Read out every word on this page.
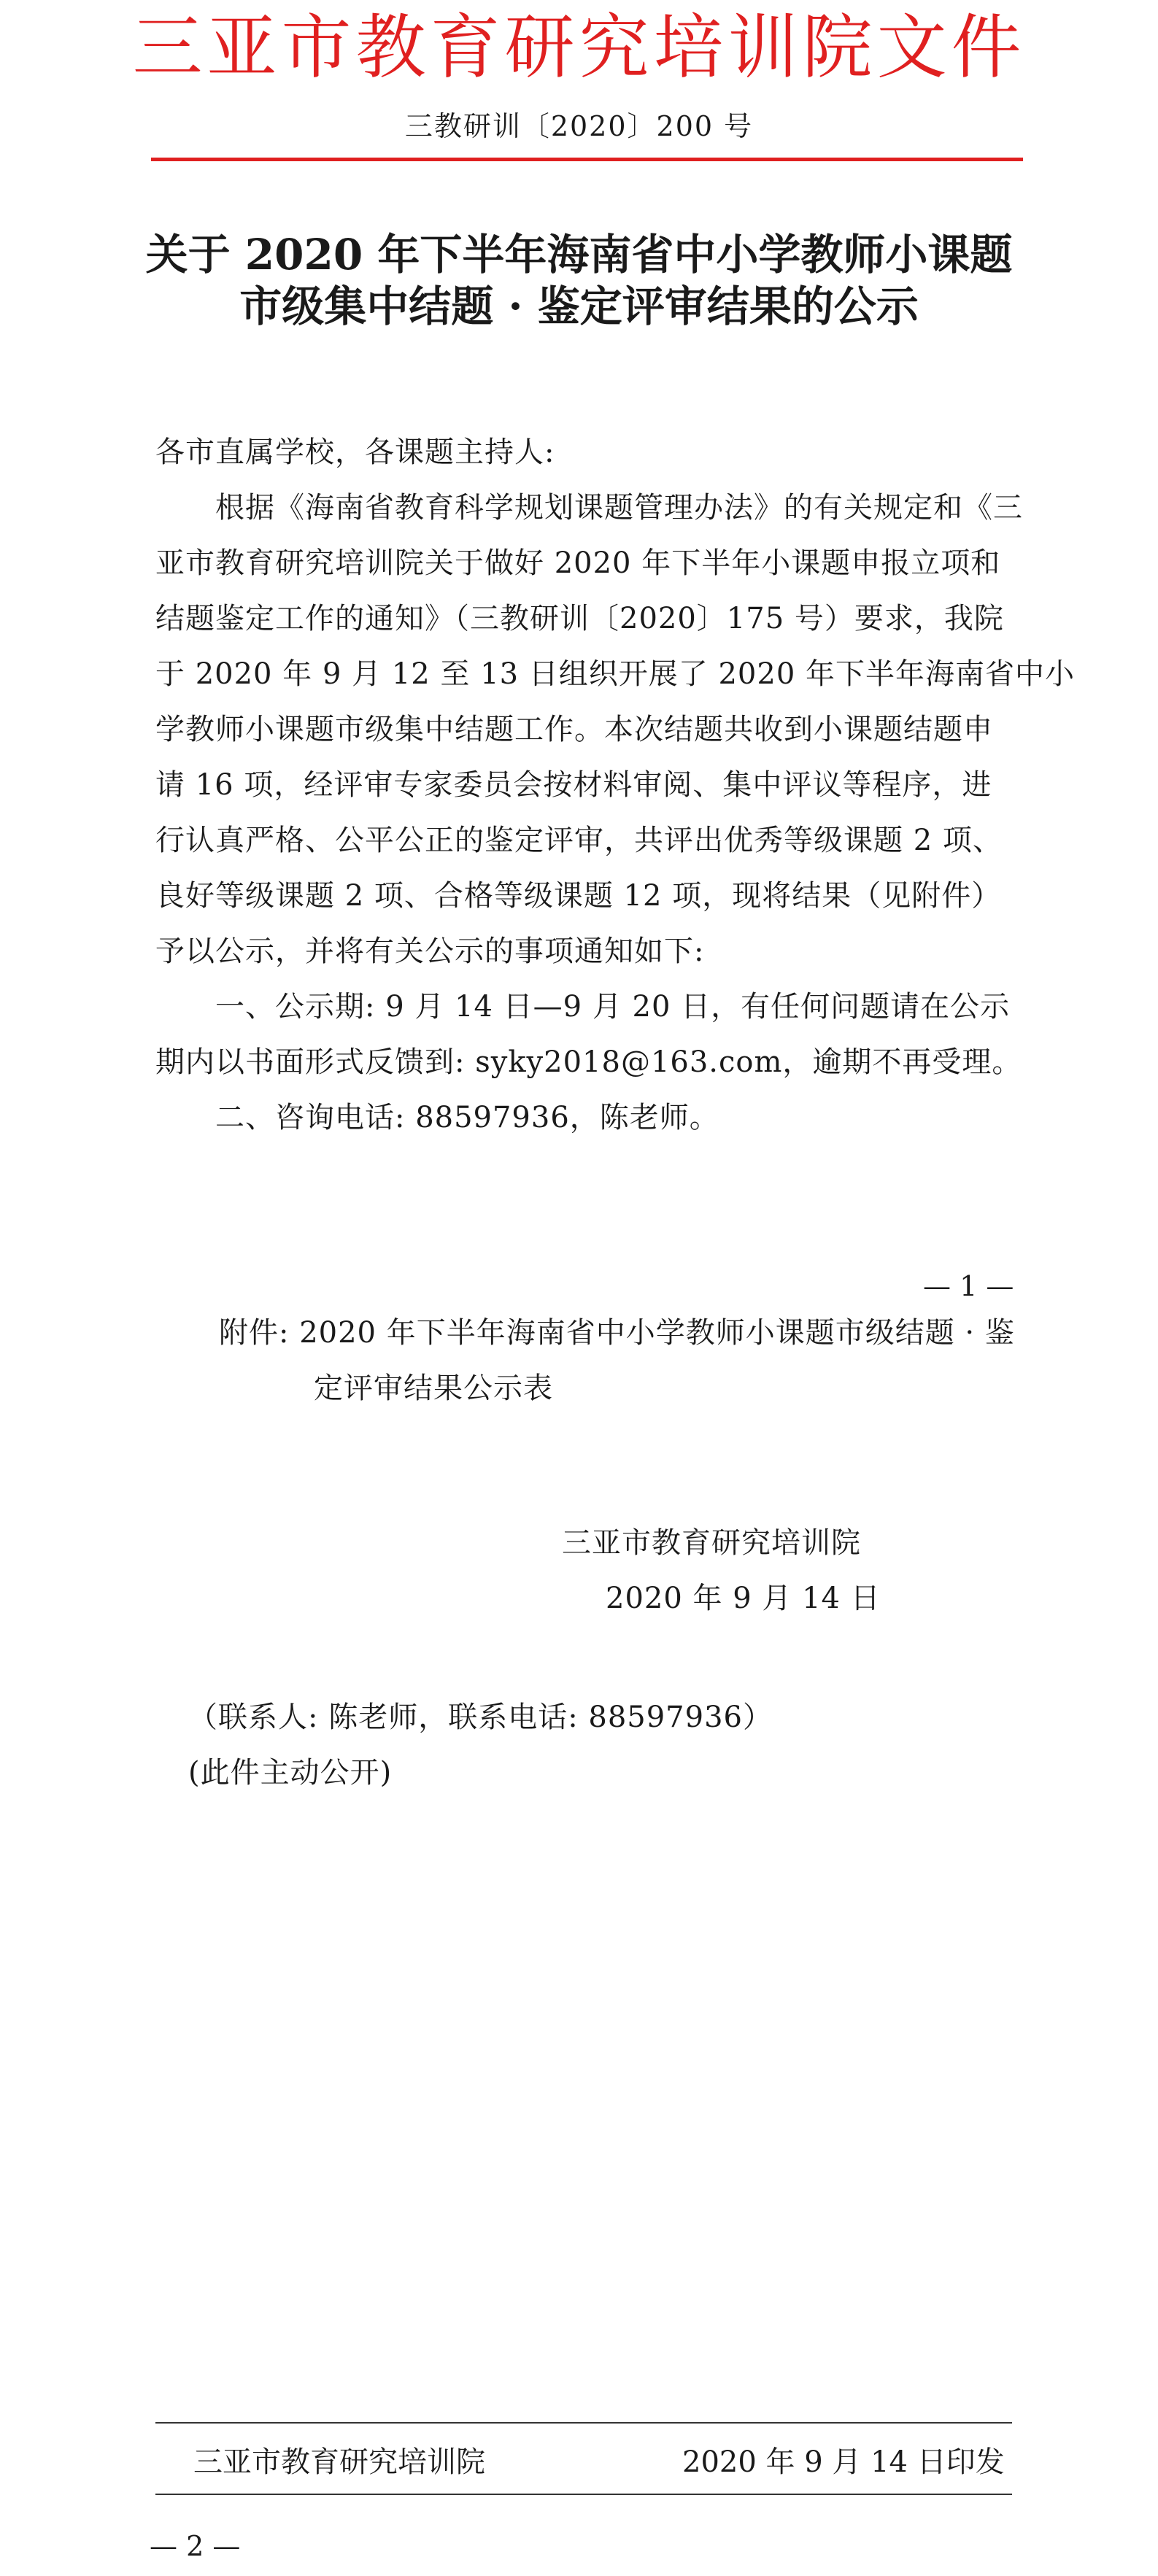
三亚市教育研究培训院文件
三教研训〔2020〕200 号
关于 2020 年下半年海南省中小学教师小课题
市级集中结题 · 鉴定评审结果的公示
各市直属学校，各课题主持人:
根据《海南省教育科学规划课题管理办法》的有关规定和《三
亚市教育研究培训院关于做好 2020 年下半年小课题申报立项和
结题鉴定工作的通知》（三教研训〔2020〕175 号）要求，我院
于 2020 年 9 月 12 至 13 日组织开展了 2020 年下半年海南省中小
学教师小课题市级集中结题工作。本次结题共收到小课题结题申
请 16 项，经评审专家委员会按材料审阅、集中评议等程序，进
行认真严格、公平公正的鉴定评审，共评出优秀等级课题 2 项、
良好等级课题 2 项、合格等级课题 12 项，现将结果（见附件）
予以公示，并将有关公示的事项通知如下:
一、公示期: 9 月 14 日—9 月 20 日，有任何问题请在公示
期内以书面形式反馈到: syky2018@163.com，逾期不再受理。
二、咨询电话: 88597936，陈老师。
— 1 —
附件: 2020 年下半年海南省中小学教师小课题市级结题 · 鉴
定评审结果公示表
三亚市教育研究培训院
2020 年 9 月 14 日
（联系人: 陈老师，联系电话: 88597936）
(此件主动公开)
三亚市教育研究培训院	2020 年 9 月 14 日印发
— 2 —
